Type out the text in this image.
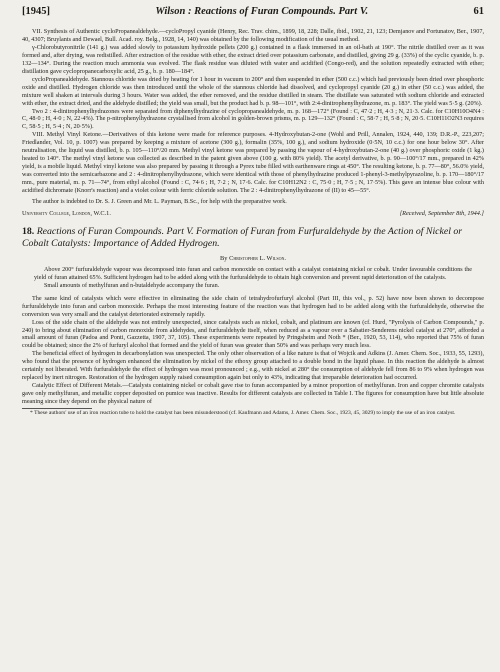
[1945]	Wilson : Reactions of Furan Compounds. Part V.	61

VII. Synthesis of Authentic cycloPropanealdehyde.—cycloPropyl cyanide (Henry, Rec. Trav. chim., 1899, 18, 228; Dalle, ibid., 1902, 21, 123; Demjanov and Fortunatov, Ber., 1907, 40, 4307; Bruylants and Dewael, Bull. Acad. roy. Belg., 1928, 14, 140) was obtained by the following modification of the usual method.

γ-Chlorobutyronitrile (141 g.) was added slowly to potassium hydroxide pellets (200 g.) contained in a flask immersed in an oil-bath at 190°. The nitrile distilled over as it was formed and, after drying, was redistilled. After extraction of the residue with ether, the extract dried over potassium carbonate, and distilled, giving 29 g. (33%) of the cyclic cyanide, b. p. 132—134°. During the reaction much ammonia was evolved. The flask residue was diluted with water and acidified (Congo-red), and the solution repeatedly extracted with ether; distillation gave cyclopropanecarboxylic acid, 25 g., b. p. 180—184°.

cycloPropanealdehyde. Stannous chloride was dried by heating for 1 hour in vacuum to 200° and then suspended in ether (500 c.c.) which had previously been dried over phosphoric oxide and distilled. Hydrogen chloride was then introduced until the whole of the stannous chloride had dissolved, and cyclopropyl cyanide (20 g.) in ether (50 c.c.) was added, the mixture well shaken at intervals during 3 hours. Water was added, the ether removed, and the residue distilled in steam. The distillate was saturated with sodium chloride and extracted with ether, the extract dried, and the aldehyde distilled; the yield was small, but the product had b. p. 98—101°, with 2:4-dinitrophenylhydrazone, m. p. 183°. The yield was 5·5 g. (20%).

Two 2 : 4-dinitrophenylhydrazones were separated from diphenylhydrazine of cyclopropanealdehyde, m. p. 168—172° (Found : C, 47·2 ; H, 4·3 ; N, 21·3. Calc. for C10H10O4N4 : C, 48·0 ; H, 4·0 ; N, 22·4%). The p-nitrophenylhydrazone crystallised from alcohol in golden-brown prisms, m. p. 129—132° (Found : C, 58·7 ; H, 5·8 ; N, 20·5. C10H11O2N3 requires C, 58·5 ; H, 5·4 ; N, 20·5%).

VIII. Methyl Vinyl Ketone.—Derivatives of this ketone were made for reference purposes. 4-Hydroxybutan-2-one (Wohl and Prill, Annalen, 1924, 440, 139; D.R.-P., 223,207; Friedlander, Vol. 10, p. 1007) was prepared by keeping a mixture of acetone (300 g.), formalin (35%, 100 g.), and sodium hydroxide (0·5N, 10 c.c.) for one hour below 30°. After neutralisation, the liquid was distilled, b. p. 105—110°/20 mm. Methyl vinyl ketone was prepared by passing the vapour of 4-hydroxybutan-2-one (40 g.) over phosphoric oxide (1 kg.) heated to 140°. The methyl vinyl ketone was collected as described in the patent given above (100 g. with 80% yield). The acetyl derivative, b. p. 90—100°/17 mm., prepared in 42% yield, is a mobile liquid. Methyl vinyl ketone was also prepared by passing it through a Pyrex tube filled with earthenware rings at 450°. The resulting ketone, b. p. 77—80°, 56.0% yield, was converted into the semicarbazone and 2 : 4-dinitrophenylhydrazone, which were identical with those of phenylhydrazine produced 1-phenyl-3-methylpyrazoline, b. p. 170—180°/17 mm., pure material, m. p. 71—74°, from ethyl alcohol (Found : C, 74·6 ; H, 7·2 ; N, 17·6. Calc. for C10H12N2 : C, 75·0 ; H, 7·5 ; N, 17·5%). This gave an intense blue colour with acidified dichromate (Knorr's reaction) and a violet colour with ferric chloride solution. The 2 : 4-dinitrophenylhydrazone of (II) to 45—55°.

The author is indebted to Dr. S. J. Green and Mr. L. Payman, B.Sc., for help with the preparative work.

University College, London, W.C.1.	[Received, September 8th, 1944.]
18. Reactions of Furan Compounds. Part V. Formation of Furan from Furfuraldehyde by the Action of Nickel or Cobalt Catalysts: Importance of Added Hydrogen.
By Christopher L. Wilson.

Above 200° furfuraldehyde vapour was decomposed into furan and carbon monoxide on contact with a catalyst containing nickel or cobalt. Under favourable conditions the yield of furan attained 65%. Sufficient hydrogen had to be added along with the furfuraldehyde to obtain high conversion and prevent rapid deterioration of the catalysts.

Small amounts of methylfuran and n-butaldehyde accompany the furan.

The same kind of catalysts which were effective in eliminating the side chain of tetrahydrofurfuryl alcohol (Part III, this vol., p. 52) have now been shown to decompose furfuraldehyde into furan and carbon monoxide. Perhaps the most interesting feature of the reaction was that hydrogen had to be added along with the furfuraldehyde, otherwise the conversion was very small and the catalyst deteriorated extremely rapidly.

Loss of the side chain of the aldehyde was not entirely unexpected, since catalysts such as nickel, cobalt, and platinum are known (cf. Hurd, "Pyrolysis of Carbon Compounds," p. 240) to bring about elimination of carbon monoxide from aldehydes, and furfuraldehyde itself, when reduced as a vapour over a Sabatier-Senderens nickel catalyst at 270°, afforded a small amount of furan (Padoa and Ponti, Gazzetta, 1907, 37, 105). These experiments were repeated by Pringsheim and Noth * (Ber., 1920, 53, 114), who reported that 75% of furan could be obtained; since the 2% of furfuryl alcohol that formed and the yield of furan was greater than 50% and was perhaps very much less.

The beneficial effect of hydrogen in decarbonylation was unexpected. The only other observation of a like nature is that of Wojcik and Adkins (J. Amer. Chem. Soc., 1933, 55, 1293), who found that the presence of hydrogen enhanced the elimination by nickel of the ethoxy group attached to a double bond in the liquid phase. In this reaction the aldehyde is almost certainly not liberated. With furfuraldehyde the effect of hydrogen was most pronounced ; e.g., with nickel at 280° the consumption of aldehyde fell from 86 to 9% when hydrogen was replaced by inert nitrogen. Restoration of the hydrogen supply raised consumption again but only to 43%, indicating that irreparable deterioration had occurred.

Catalytic Effect of Different Metals.—Catalysts containing nickel or cobalt gave rise to furan accompanied by a minor proportion of methylfuran. Iron and copper chromite catalysts gave only methylfuran, and metallic copper deposited on pumice was inactive. Results for different catalysts are collected in Table I. The figures for consumption have but little absolute meaning since they depend on the physical nature of

* These authors' use of an iron reaction tube to hold the catalyst has been misunderstood (cf. Kaufmann and Adams, J. Amer. Chem. Soc., 1923, 45, 3029) to imply the use of an iron catalyst.
